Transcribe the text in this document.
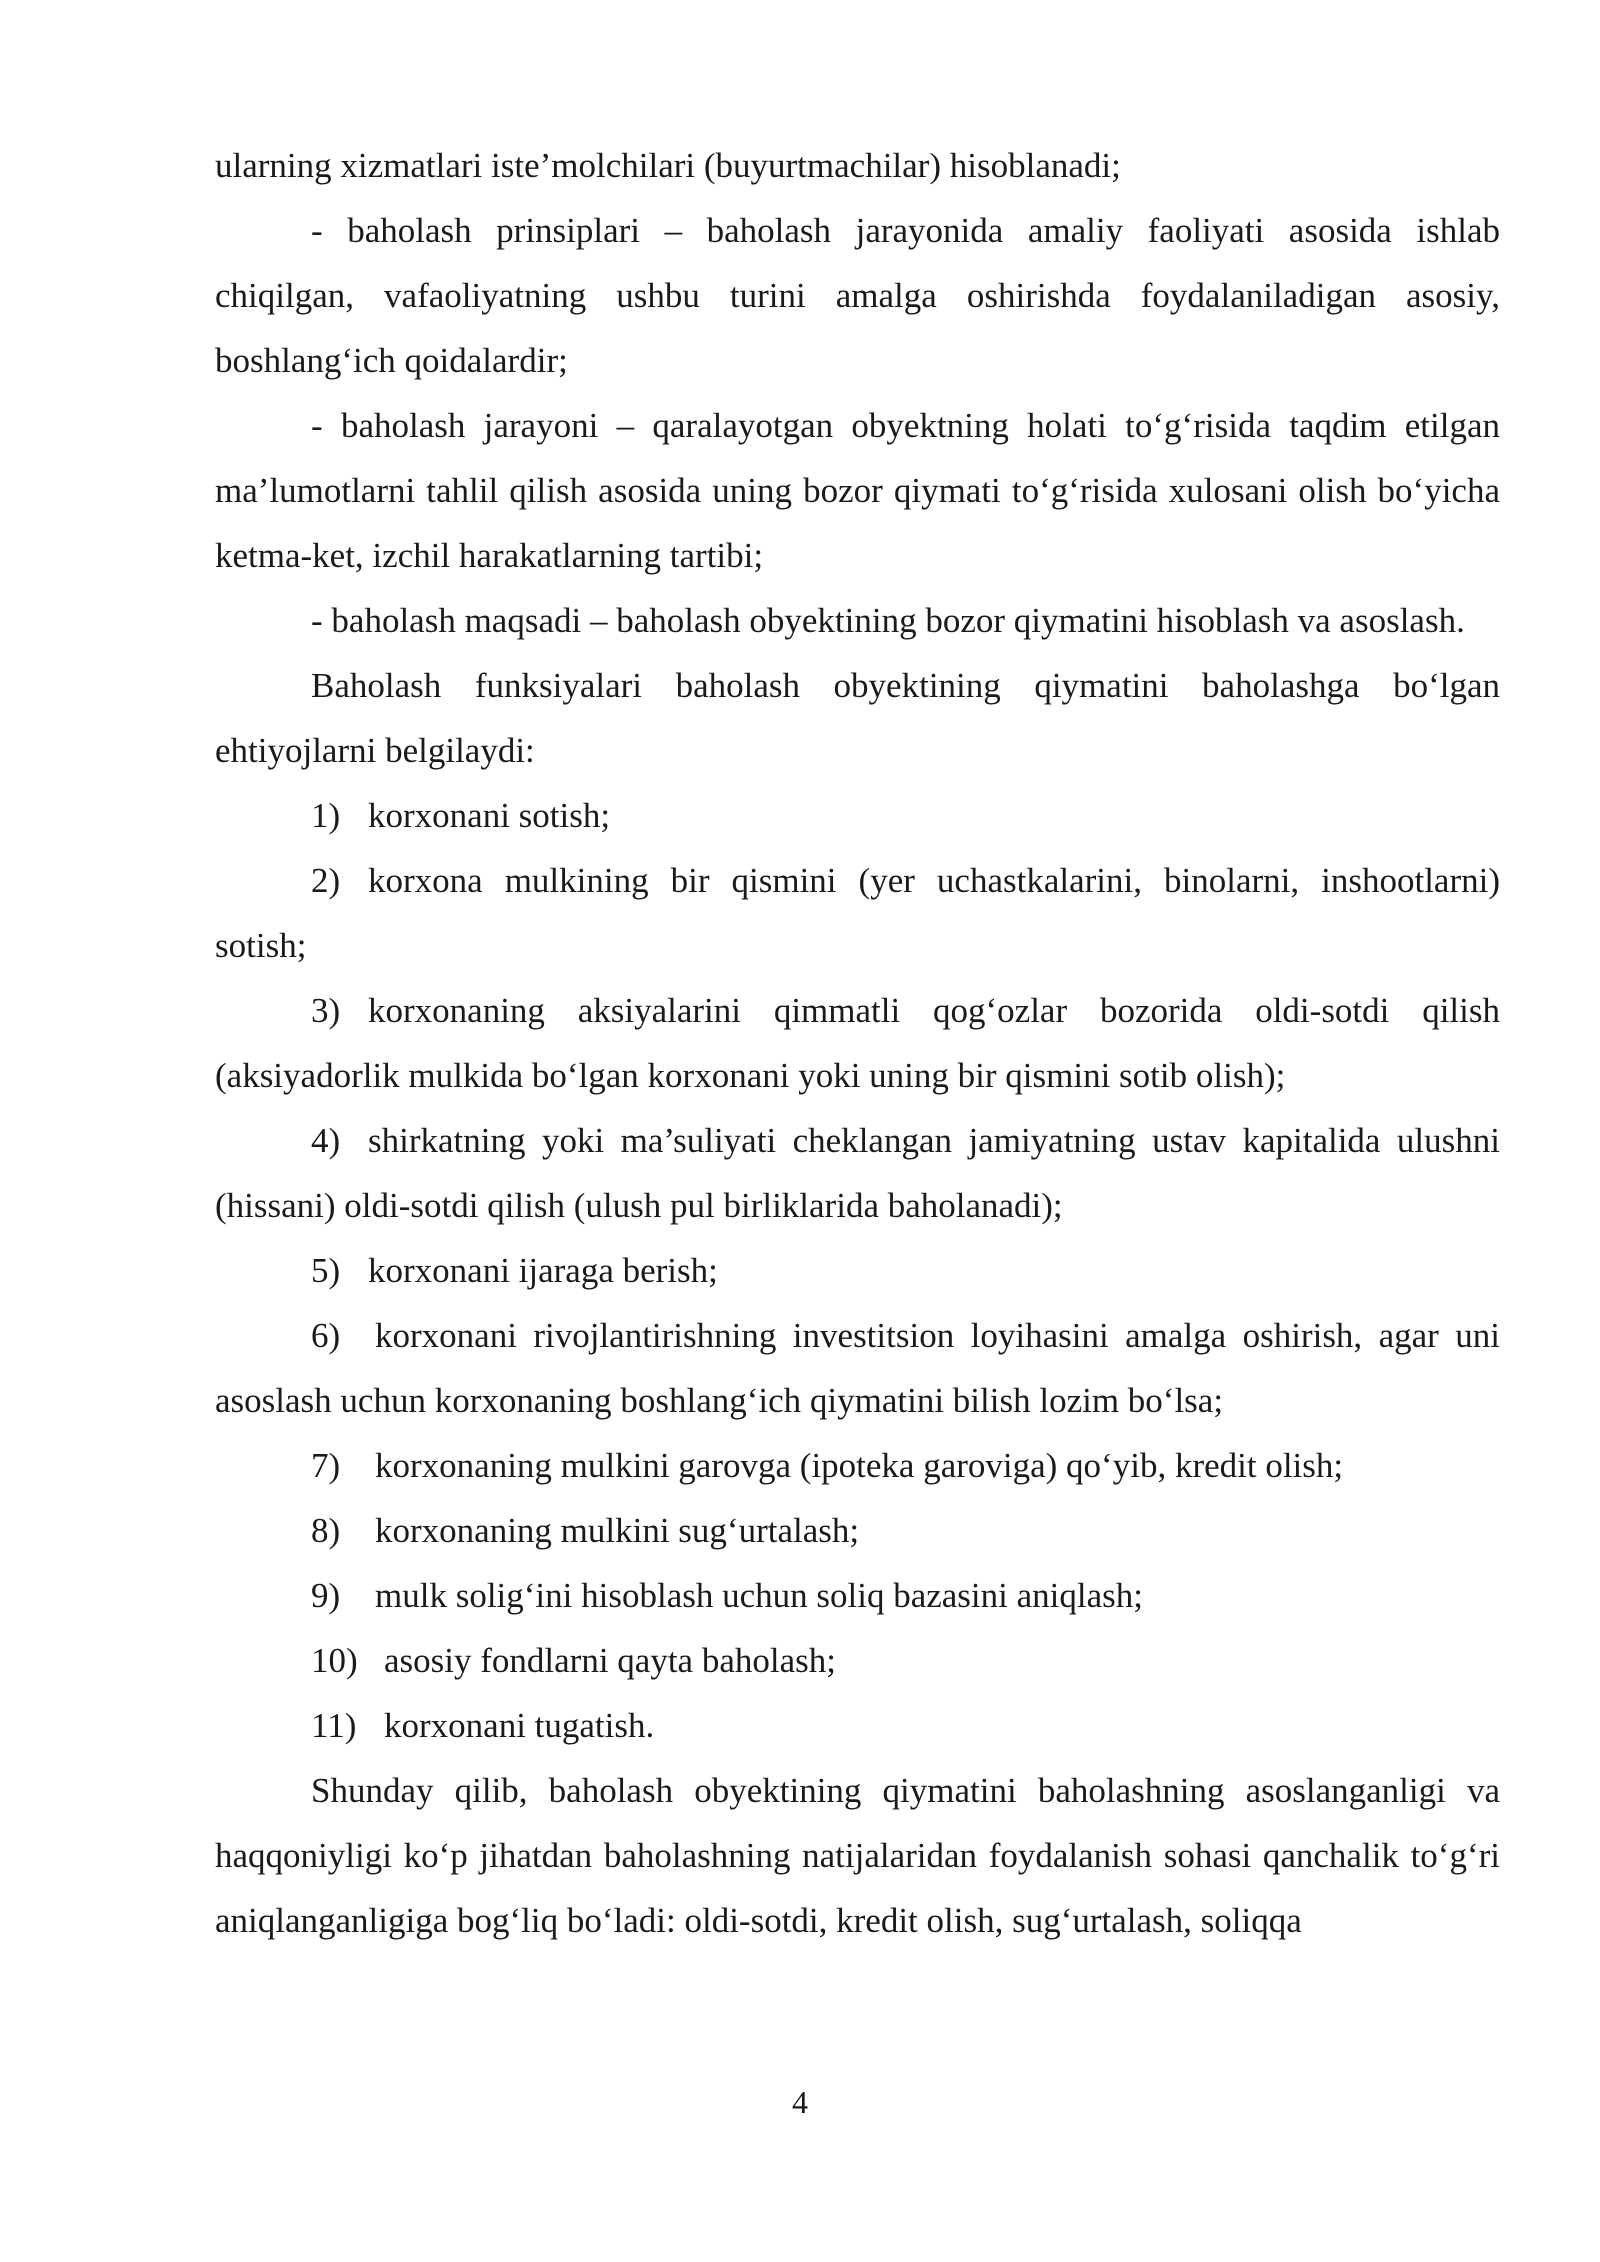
ularning xizmatlari iste’molchilari (buyurtmachilar) hisoblanadi;

- baholash prinsiplari – baholash jarayonida amaliy faoliyati asosida ishlab chiqilgan, vafaoliyatning ushbu turini amalga oshirishda foydalaniladigan asosiy, boshlang‘ich qoidalardir;

- baholash jarayoni – qaralayotgan obyektning holati to‘g‘risida taqdim etilgan ma’lumotlarni tahlil qilish asosida uning bozor qiymati to‘g‘risida xulosani olish bo‘yicha ketma-ket, izchil harakatlarning tartibi;

- baholash maqsadi – baholash obyektining bozor qiymatini hisoblash va asoslash.

Baholash funksiyalari baholash obyektining qiymatini baholashga bo‘lgan ehtiyojlarni belgilaydi:

1) korxonani sotish;

2) korxona mulkining bir qismini (yer uchastkalarini, binolarni, inshootlarni) sotish;

3) korxonaning aksiyalarini qimmatli qog‘ozlar bozorida oldi-sotdi qilish (aksiyadorlik mulkida bo‘lgan korxonani yoki uning bir qismini sotib olish);

4) shirkatning yoki ma’suliyati cheklangan jamiyatning ustav kapitalida ulushni (hissani) oldi-sotdi qilish (ulush pul birliklarida baholanadi);

5) korxonani ijaraga berish;

6) korxonani rivojlantirishning investitsion loyihasini amalga oshirish, agar uni asoslash uchun korxonaning boshlang‘ich qiymatini bilish lozim bo‘lsa;

7) korxonaning mulkini garovga (ipoteka garoviga) qo‘yib, kredit olish;

8) korxonaning mulkini sug‘urtalash;

9) mulk solig‘ini hisoblash uchun soliq bazasini aniqlash;

10) asosiy fondlarni qayta baholash;

11) korxonani tugatish.

Shunday qilib, baholash obyektining qiymatini baholashning asoslanganligi va haqqoniyligi ko‘p jihatdan baholashning natijalaridan foydalanish sohasi qanchalik to‘g‘ri aniqlanganligiga bog‘liq bo‘ladi: oldi-sotdi, kredit olish, sug‘urtalash, soliqqa

4
